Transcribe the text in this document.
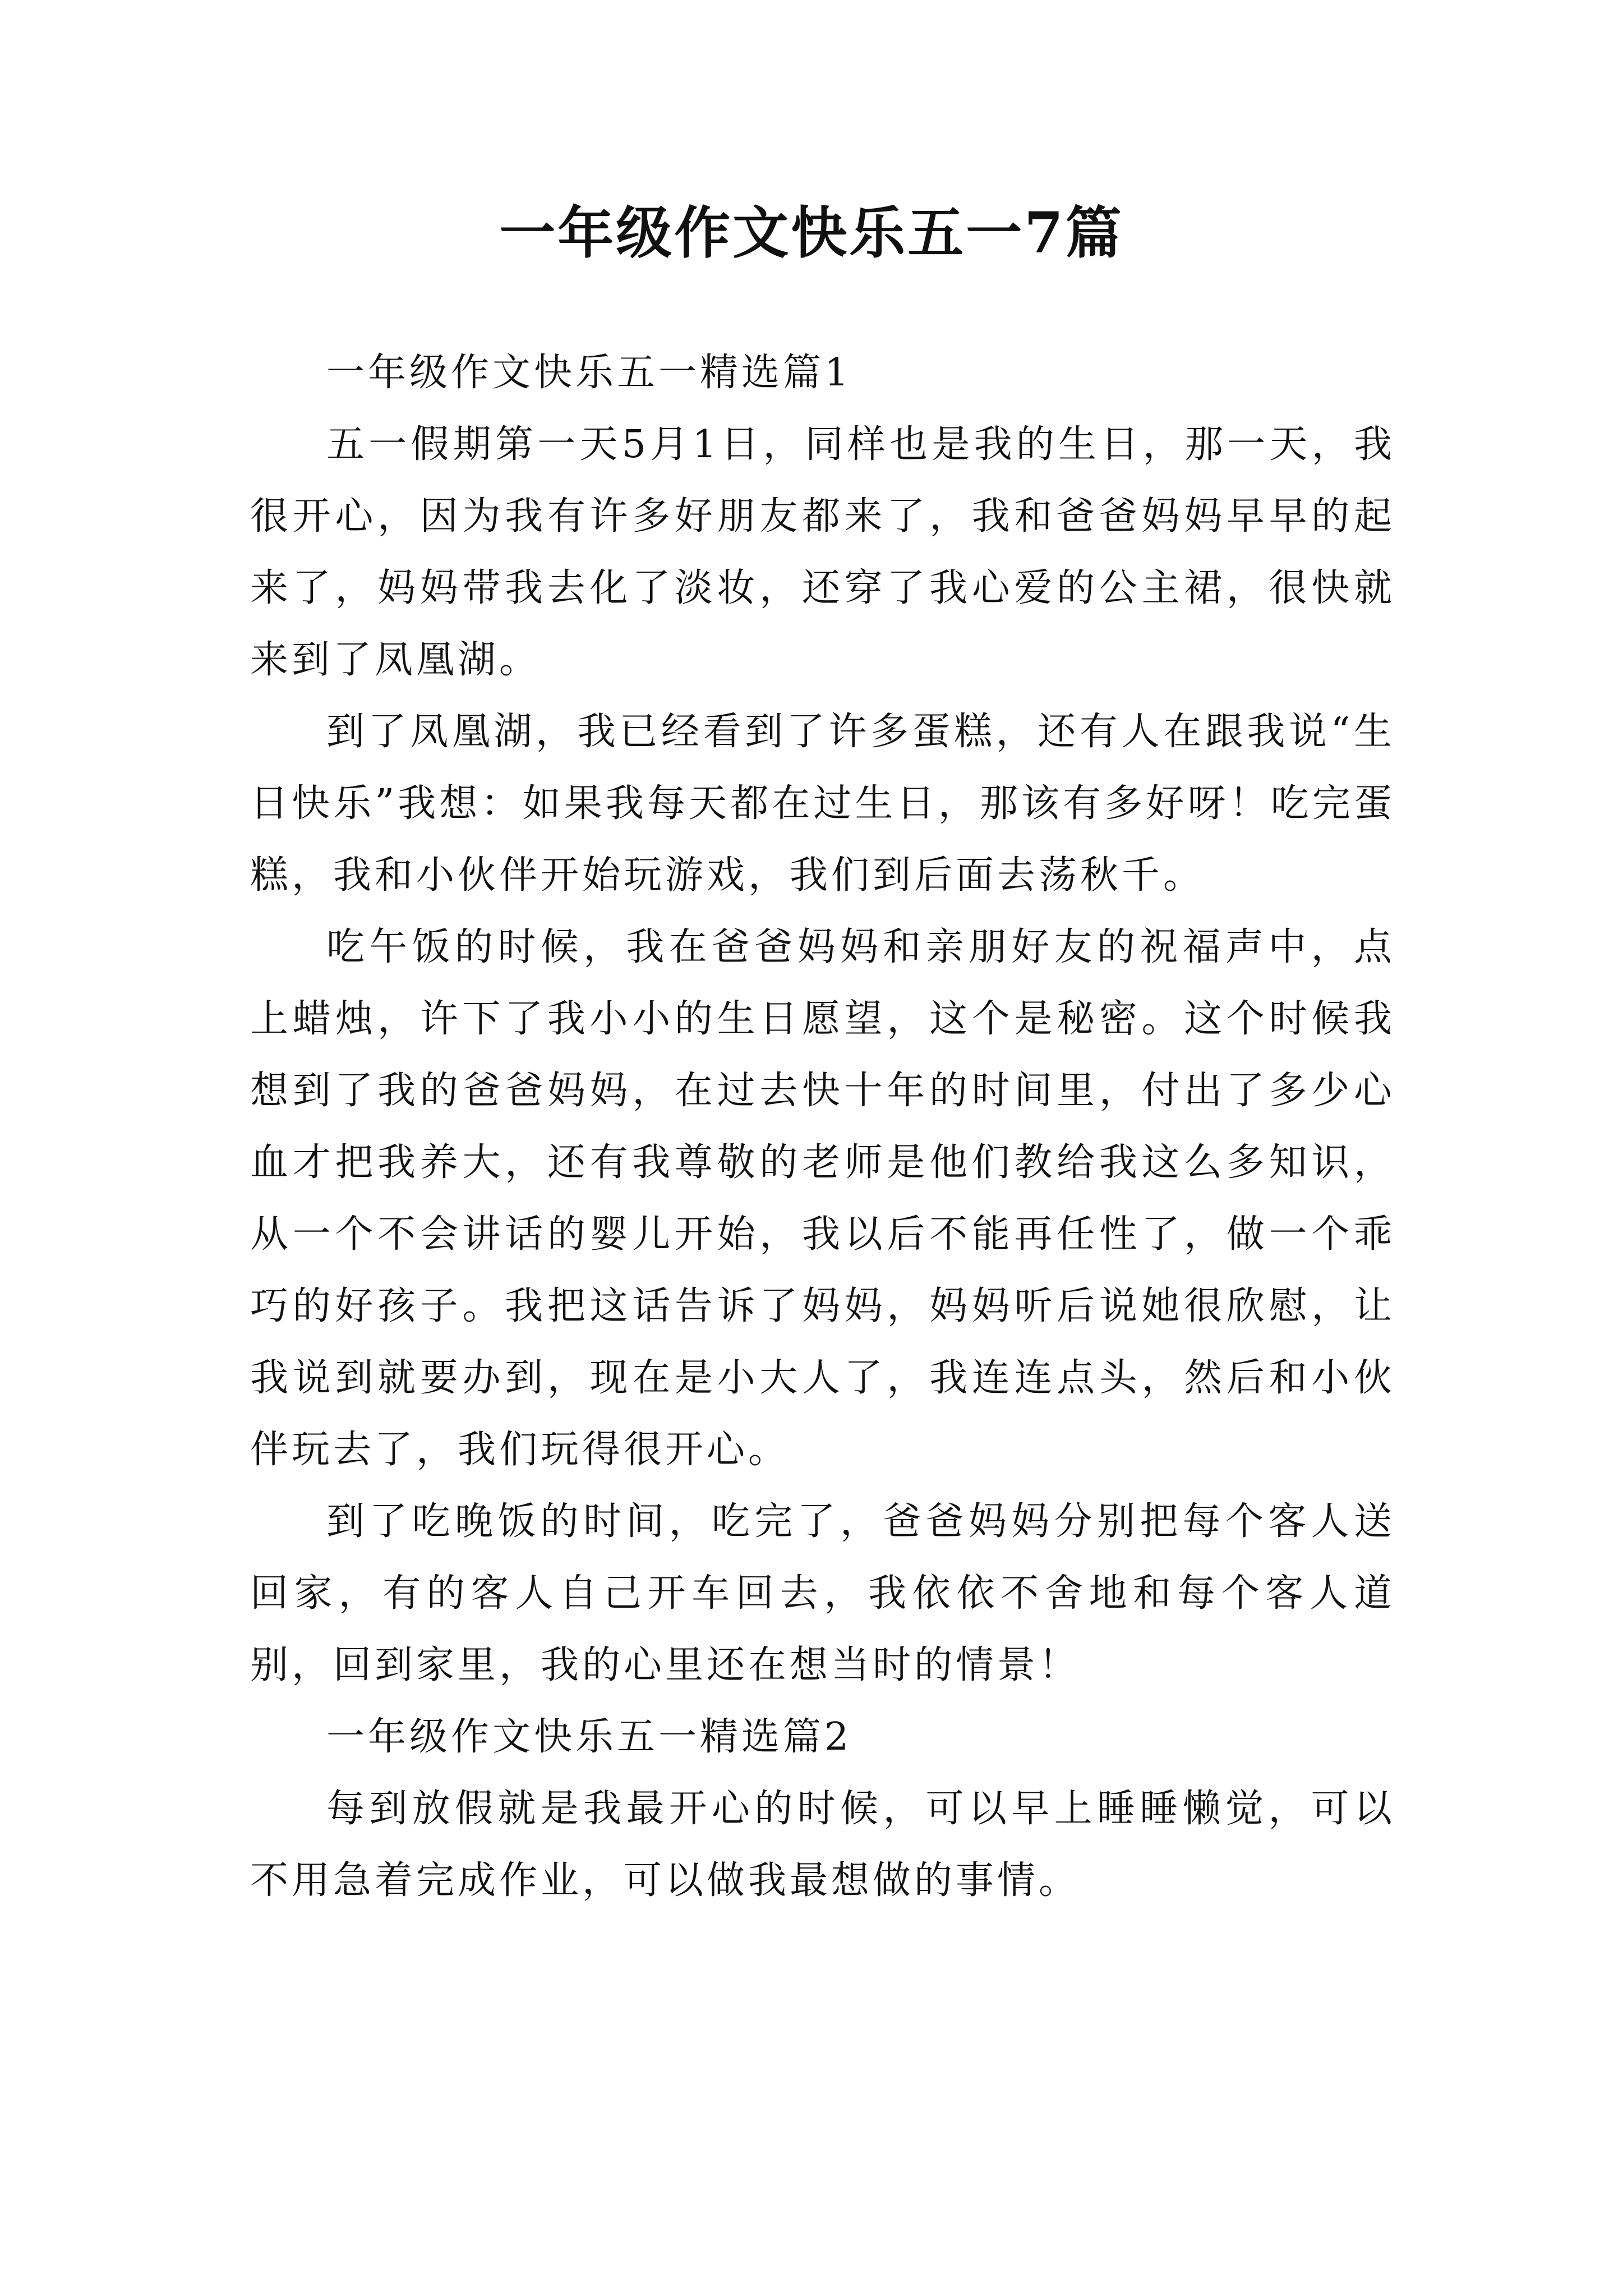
一年级作文快乐五一7篇

一年级作文快乐五一精选篇1

五一假期第一天5月1日，同样也是我的生日，那一天，我很开心，因为我有许多好朋友都来了，我和爸爸妈妈早早的起来了，妈妈带我去化了淡妆，还穿了我心爱的公主裙，很快就来到了凤凰湖。

到了凤凰湖，我已经看到了许多蛋糕，还有人在跟我说“生日快乐”我想：如果我每天都在过生日，那该有多好呀！吃完蛋糕，我和小伙伴开始玩游戏，我们到后面去荡秋千。

吃午饭的时候，我在爸爸妈妈和亲朋好友的祝福声中，点上蜡烛，许下了我小小的生日愿望，这个是秘密。这个时候我想到了我的爸爸妈妈，在过去快十年的时间里，付出了多少心血才把我养大，还有我尊敬的老师是他们教给我这么多知识，从一个不会讲话的婴儿开始，我以后不能再任性了，做一个乖巧的好孩子。我把这话告诉了妈妈，妈妈听后说她很欣慰，让我说到就要办到，现在是小大人了，我连连点头，然后和小伙伴玩去了，我们玩得很开心。

到了吃晚饭的时间，吃完了，爸爸妈妈分别把每个客人送回家，有的客人自己开车回去，我依依不舍地和每个客人道别，回到家里，我的心里还在想当时的情景！

一年级作文快乐五一精选篇2

每到放假就是我最开心的时候，可以早上睡睡懒觉，可以不用急着完成作业，可以做我最想做的事情。
